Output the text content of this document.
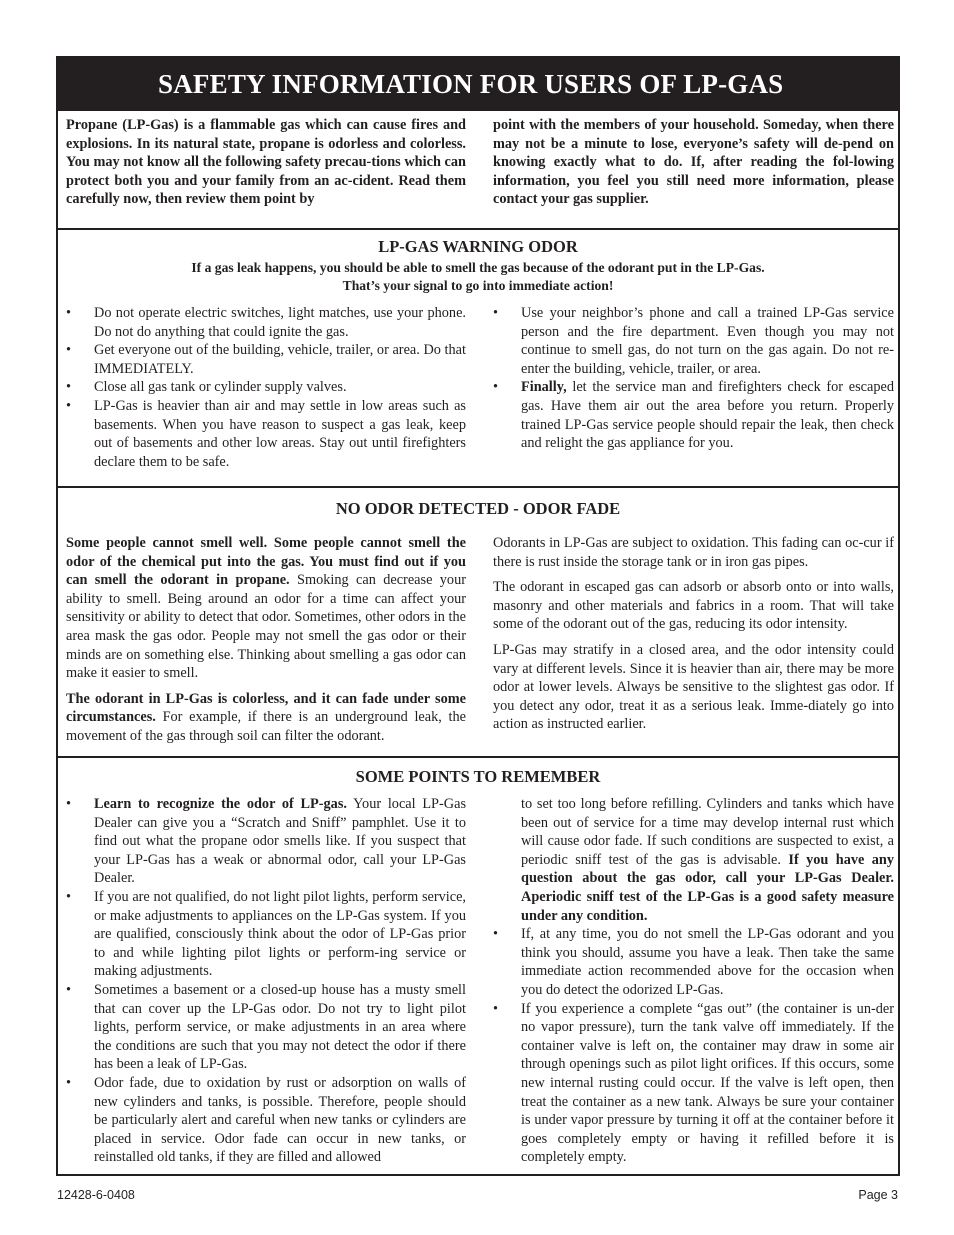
SAFETY INFORMATION FOR USERS OF LP-GAS
Propane (LP-Gas) is a flammable gas which can cause fires and explosions. In its natural state, propane is odorless and colorless. You may not know all the following safety precau-tions which can protect both you and your family from an ac-cident. Read them carefully now, then review them point by
point with the members of your household. Someday, when there may not be a minute to lose, everyone’s safety will de-pend on knowing exactly what to do. If, after reading the fol-lowing information, you feel you still need more information, please contact your gas supplier.
LP-GAS WARNING ODOR
If a gas leak happens, you should be able to smell the gas because of the odorant put in the LP-Gas.
That’s your signal to go into immediate action!
• Do not operate electric switches, light matches, use your phone. Do not do anything that could ignite the gas.
• Get everyone out of the building, vehicle, trailer, or area. Do that IMMEDIATELY.
• Close all gas tank or cylinder supply valves.
• LP-Gas is heavier than air and may settle in low areas such as basements. When you have reason to suspect a gas leak, keep out of basements and other low areas. Stay out until firefighters declare them to be safe.
• Use your neighbor’s phone and call a trained LP-Gas service person and the fire department. Even though you may not continue to smell gas, do not turn on the gas again. Do not re-enter the building, vehicle, trailer, or area.
• Finally, let the service man and firefighters check for escaped gas. Have them air out the area before you return. Properly trained LP-Gas service people should repair the leak, then check and relight the gas appliance for you.
NO ODOR DETECTED - ODOR FADE

Some people cannot smell well. Some people cannot smell the odor of the chemical put into the gas. You must find out if you can smell the odorant in propane. Smoking can decrease your ability to smell. Being around an odor for a time can affect your sensitivity or ability to detect that odor. Sometimes, other odors in the area mask the gas odor. People may not smell the gas odor or their minds are on something else. Thinking about smelling a gas odor can make it easier to smell.

The odorant in LP-Gas is colorless, and it can fade under some circumstances. For example, if there is an underground leak, the movement of the gas through soil can filter the odorant.

Odorants in LP-Gas are subject to oxidation. This fading can oc-cur if there is rust inside the storage tank or in iron gas pipes.

The odorant in escaped gas can adsorb or absorb onto or into walls, masonry and other materials and fabrics in a room. That will take some of the odorant out of the gas, reducing its odor intensity.

LP-Gas may stratify in a closed area, and the odor intensity could vary at different levels. Since it is heavier than air, there may be more odor at lower levels. Always be sensitive to the slightest gas odor. If you detect any odor, treat it as a serious leak. Imme-diately go into action as instructed earlier.

SOME POINTS TO REMEMBER
• Learn to recognize the odor of LP-gas. Your local LP-Gas Dealer can give you a “Scratch and Sniff” pamphlet. Use it to find out what the propane odor smells like. If you suspect that your LP-Gas has a weak or abnormal odor, call your LP-Gas Dealer.
• If you are not qualified, do not light pilot lights, perform service, or make adjustments to appliances on the LP-Gas system. If you are qualified, consciously think about the odor of LP-Gas prior to and while lighting pilot lights or perform-ing service or making adjustments.
• Sometimes a basement or a closed-up house has a musty smell that can cover up the LP-Gas odor. Do not try to light pilot lights, perform service, or make adjustments in an area where the conditions are such that you may not detect the odor if there has been a leak of LP-Gas.
• Odor fade, due to oxidation by rust or adsorption on walls of new cylinders and tanks, is possible. Therefore, people should be particularly alert and careful when new tanks or cylinders are placed in service. Odor fade can occur in new tanks, or reinstalled old tanks, if they are filled and allowed
to set too long before refilling. Cylinders and tanks which have been out of service for a time may develop internal rust which will cause odor fade. If such conditions are suspected to exist, a periodic sniff test of the gas is advisable. If you have any question about the gas odor, call your LP-Gas Dealer. Aperiodic sniff test of the LP-Gas is a good safety measure under any condition.
• If, at any time, you do not smell the LP-Gas odorant and you think you should, assume you have a leak. Then take the same immediate action recommended above for the occasion when you do detect the odorized LP-Gas.
• If you experience a complete “gas out” (the container is un-der no vapor pressure), turn the tank valve off immediately. If the container valve is left on, the container may draw in some air through openings such as pilot light orifices. If this occurs, some new internal rusting could occur. If the valve is left open, then treat the container as a new tank. Always be sure your container is under vapor pressure by turning it off at the container before it goes completely empty or having it refilled before it is completely empty.
12428-6-0408	Page 3
